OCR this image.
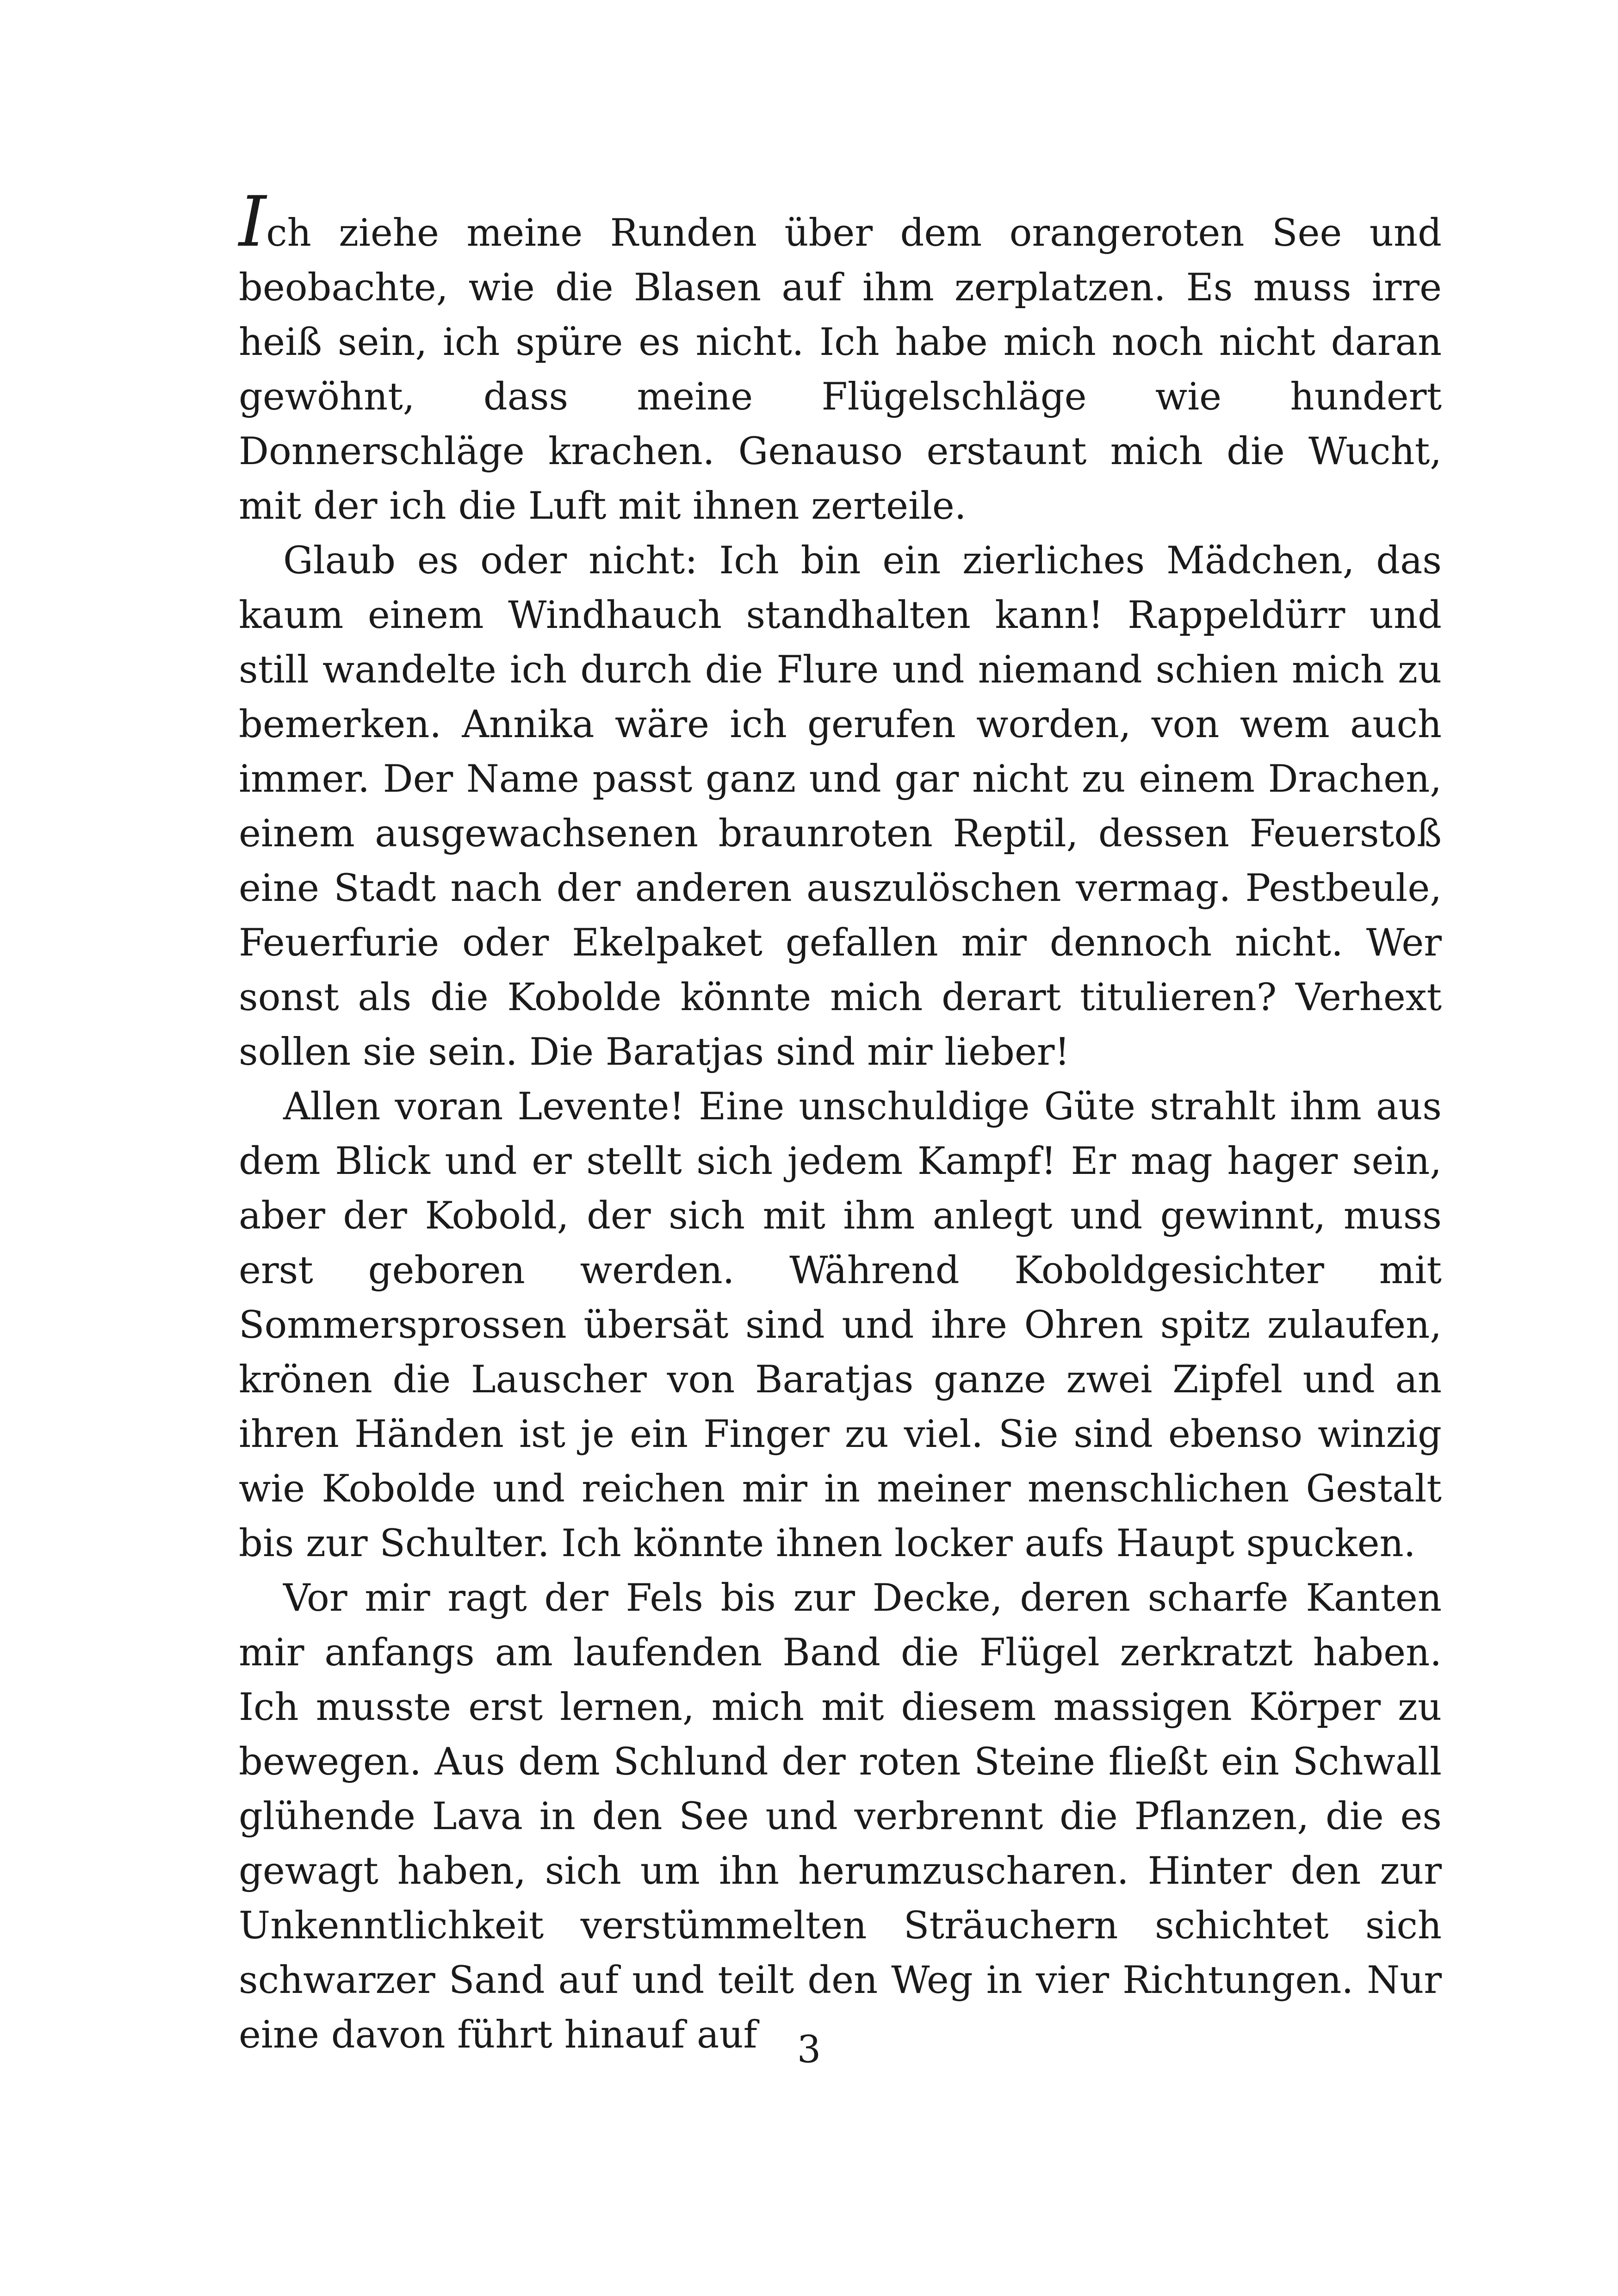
Ich ziehe meine Runden über dem orangeroten See und beobachte, wie die Blasen auf ihm zerplatzen. Es muss irre heiß sein, ich spüre es nicht. Ich habe mich noch nicht daran gewöhnt, dass meine Flügelschläge wie hundert Donnerschläge krachen. Genauso erstaunt mich die Wucht, mit der ich die Luft mit ihnen zerteile.

Glaub es oder nicht: Ich bin ein zierliches Mädchen, das kaum einem Windhauch standhalten kann! Rappeldürr und still wandelte ich durch die Flure und niemand schien mich zu bemerken. Annika wäre ich gerufen worden, von wem auch immer. Der Name passt ganz und gar nicht zu einem Drachen, einem ausgewachsenen braunroten Reptil, dessen Feuerstoß eine Stadt nach der anderen auszulöschen vermag. Pestbeule, Feuerfurie oder Ekelpaket gefallen mir dennoch nicht. Wer sonst als die Kobolde könnte mich derart titulieren? Verhext sollen sie sein. Die Baratjas sind mir lieber!

Allen voran Levente! Eine unschuldige Güte strahlt ihm aus dem Blick und er stellt sich jedem Kampf! Er mag hager sein, aber der Kobold, der sich mit ihm anlegt und gewinnt, muss erst geboren werden. Während Koboldgesichter mit Sommersprossen übersät sind und ihre Ohren spitz zulaufen, krönen die Lauscher von Baratjas ganze zwei Zipfel und an ihren Händen ist je ein Finger zu viel. Sie sind ebenso winzig wie Kobolde und reichen mir in meiner menschlichen Gestalt bis zur Schulter. Ich könnte ihnen locker aufs Haupt spucken.

Vor mir ragt der Fels bis zur Decke, deren scharfe Kanten mir anfangs am laufenden Band die Flügel zerkratzt haben. Ich musste erst lernen, mich mit diesem massigen Körper zu bewegen. Aus dem Schlund der roten Steine fließt ein Schwall glühende Lava in den See und verbrennt die Pflanzen, die es gewagt haben, sich um ihn herumzuscharen. Hinter den zur Unkenntlichkeit verstümmelten Sträuchern schichtet sich schwarzer Sand auf und teilt den Weg in vier Richtungen. Nur eine davon führt hinauf auf	3
